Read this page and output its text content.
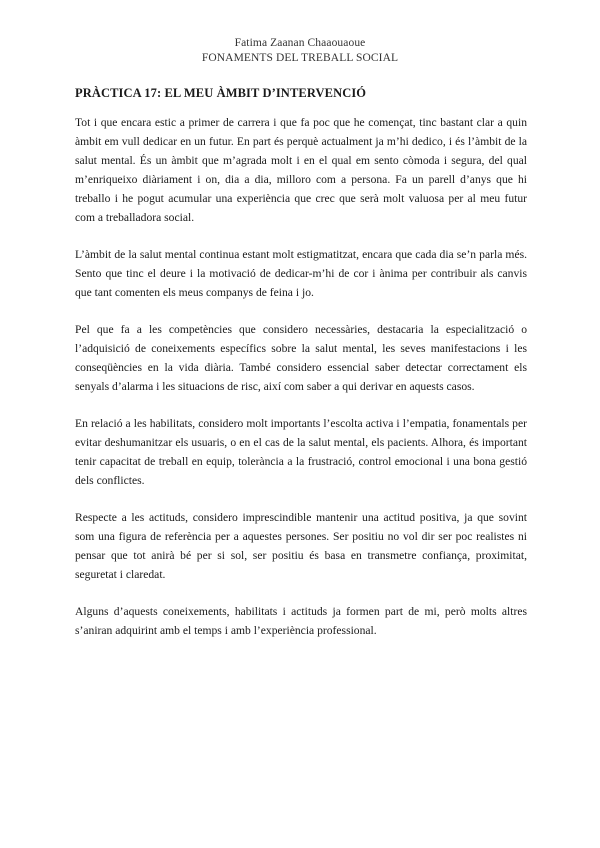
Fatima Zaanan Chaaouaoue
FONAMENTS DEL TREBALL SOCIAL
PRÀCTICA 17: EL MEU ÀMBIT D’INTERVENCIÓ

Tot i que encara estic a primer de carrera i que fa poc que he començat, tinc bastant clar a quin àmbit em vull dedicar en un futur. En part és perquè actualment ja m’hi dedico, i és l’àmbit de la salut mental. És un àmbit que m’agrada molt i en el qual em sento còmoda i segura, del qual m’enriqueixo diàriament i on, dia a dia, milloro com a persona. Fa un parell d’anys que hi treballo i he pogut acumular una experiència que crec que serà molt valuosa per al meu futur com a treballadora social.

L’àmbit de la salut mental continua estant molt estigmatitzat, encara que cada dia se’n parla més. Sento que tinc el deure i la motivació de dedicar-m’hi de cor i ànima per contribuir als canvis que tant comenten els meus companys de feina i jo.

Pel que fa a les competències que considero necessàries, destacaria la especialització o l’adquisició de coneixements específics sobre la salut mental, les seves manifestacions i les conseqüències en la vida diària. També considero essencial saber detectar correctament els senyals d’alarma i les situacions de risc, així com saber a qui derivar en aquests casos.

En relació a les habilitats, considero molt importants l’escolta activa i l’empatia, fonamentals per evitar deshumanitzar els usuaris, o en el cas de la salut mental, els pacients. Alhora, és important tenir capacitat de treball en equip, tolerància a la frustració, control emocional i una bona gestió dels conflictes.

Respecte a les actituds, considero imprescindible mantenir una actitud positiva, ja que sovint som una figura de referència per a aquestes persones. Ser positiu no vol dir ser poc realistes ni pensar que tot anirà bé per si sol, ser positiu és basa en transmetre confiança, proximitat, seguretat i claredat.

Alguns d’aquests coneixements, habilitats i actituds ja formen part de mi, però molts altres s’aniran adquirint amb el temps i amb l’experiència professional.
